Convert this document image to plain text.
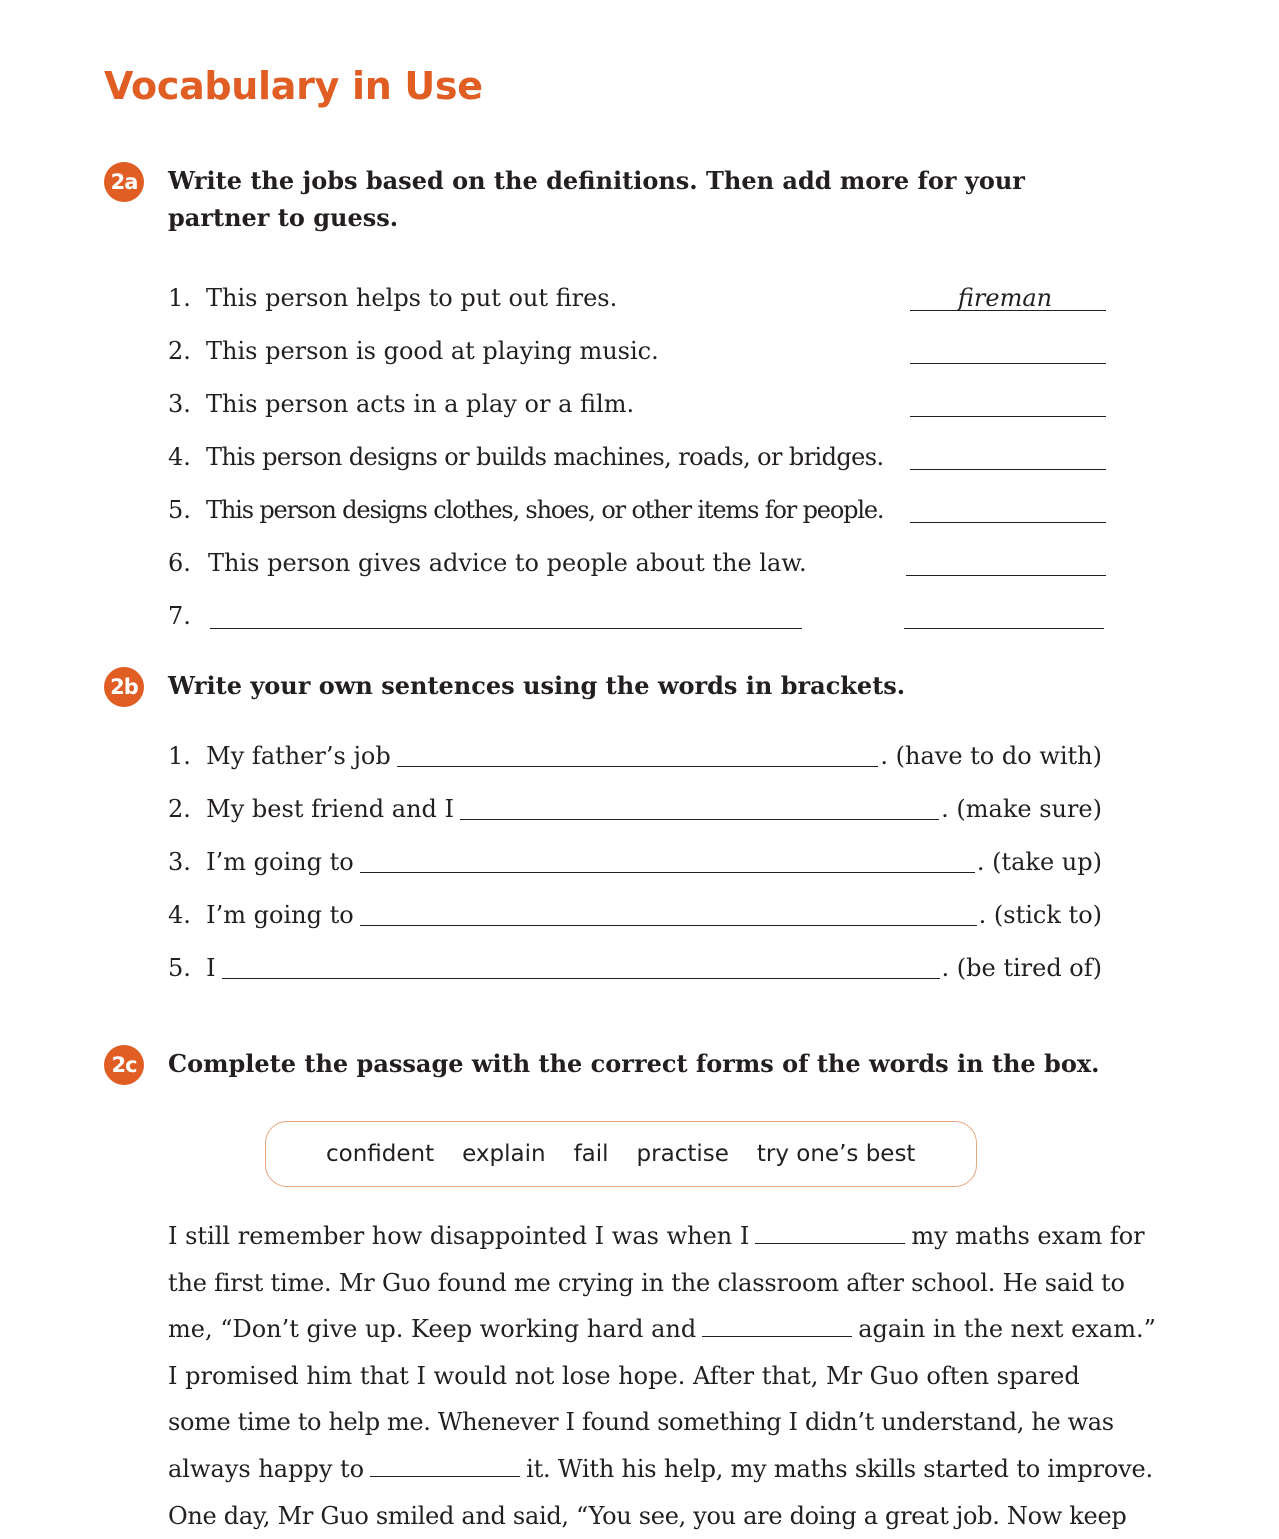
Vocabulary in Use
2a Write the jobs based on the definitions. Then add more for your partner to guess.
1. This person helps to put out fires.	fireman
2. This person is good at playing music.
3. This person acts in a play or a film.
4. This person designs or builds machines, roads, or bridges.
5. This person designs clothes, shoes, or other items for people.
6. This person gives advice to people about the law.
7.
2b Write your own sentences using the words in brackets.
1. My father’s job	. (have to do with)
2. My best friend and I	. (make sure)
3. I’m going to	. (take up)
4. I’m going to	. (stick to)
5. I	. (be tired of)
2c	Complete the passage with the correct forms of the words in the box.
confident explain fail practise try one’s best
I still remember how disappointed I was when I	my maths exam for
the first time. Mr Guo found me crying in the classroom after school. He said to
me, “Don’t give up. Keep working hard and	again in the next exam.”
I promised him that I would not lose hope. After that, Mr Guo often spared
some time to help me. Whenever I found something I didn’t understand, he was
always happy to	it. With his help, my maths skills started to improve.
One day, Mr Guo smiled and said, “You see, you are doing a great job. Now keep
